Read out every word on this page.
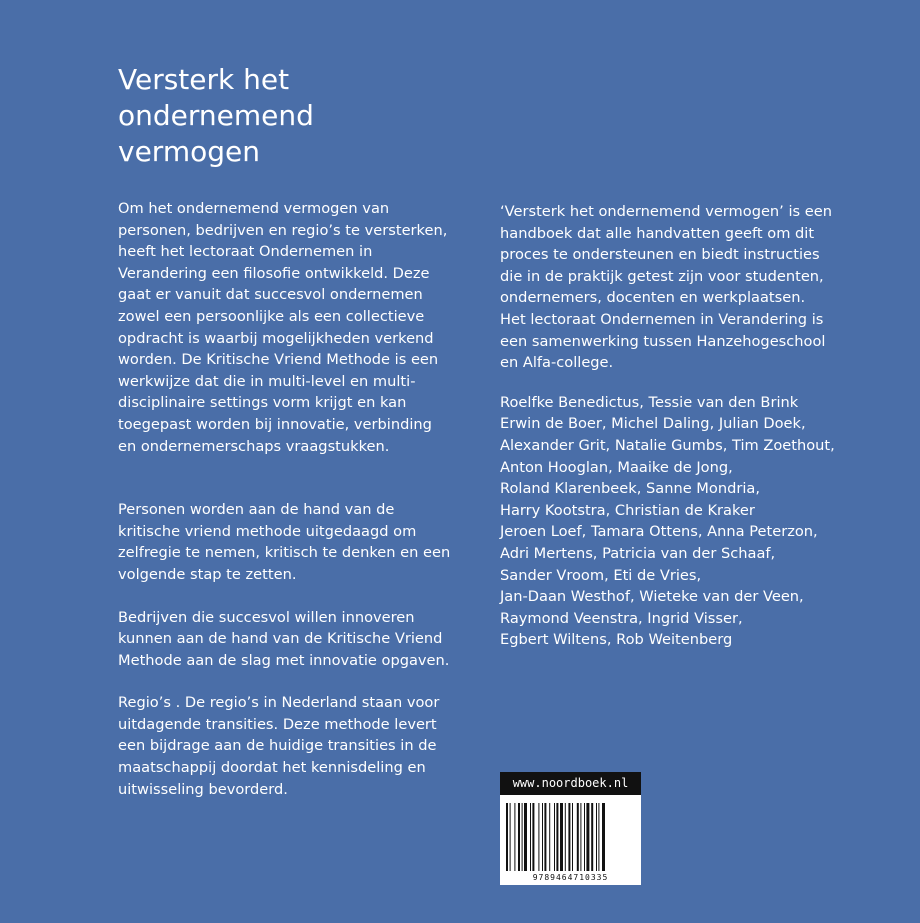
Versterk het
ondernemend
vermogen
Om het ondernemend vermogen van
personen, bedrijven en regio’s te versterken,
heeft het lectoraat Ondernemen in
Verandering een filosofie ontwikkeld. Deze
gaat er vanuit dat succesvol ondernemen
zowel een persoonlijke als een collectieve
opdracht is waarbij mogelijkheden verkend
worden. De Kritische Vriend Methode is een
werkwijze dat die in multi-level en multi-
disciplinaire settings vorm krijgt en kan
toegepast worden bij innovatie, verbinding
en ondernemerschaps vraagstukken.
Personen worden aan de hand van de
kritische vriend methode uitgedaagd om
zelfregie te nemen, kritisch te denken en een
volgende stap te zetten.
Bedrijven die succesvol willen innoveren
kunnen aan de hand van de Kritische Vriend
Methode aan de slag met innovatie opgaven.
Regio’s . De regio’s in Nederland staan voor
uitdagende transities. Deze methode levert
een bijdrage aan de huidige transities in de
maatschappij doordat het kennisdeling en
uitwisseling bevorderd.
‘Versterk het ondernemend vermogen’ is een
handboek dat alle handvatten geeft om dit
proces te ondersteunen en biedt instructies
die in de praktijk getest zijn voor studenten,
ondernemers, docenten en werkplaatsen.
Het lectoraat Ondernemen in Verandering is
een samenwerking tussen Hanzehogeschool
en Alfa-college.
Roelfke Benedictus, Tessie van den Brink
Erwin de Boer, Michel Daling, Julian Doek,
Alexander Grit, Natalie Gumbs, Tim Zoethout,
Anton Hooglan, Maaike de Jong,
Roland Klarenbeek, Sanne Mondria,
Harry Kootstra, Christian de Kraker
Jeroen Loef, Tamara Ottens, Anna Peterzon,
Adri Mertens, Patricia van der Schaaf,
Sander Vroom, Eti de Vries,
Jan-Daan Westhof, Wieteke van der Veen,
Raymond Veenstra, Ingrid Visser,
Egbert Wiltens, Rob Weitenberg
www.noordboek.nl
9789464710335
